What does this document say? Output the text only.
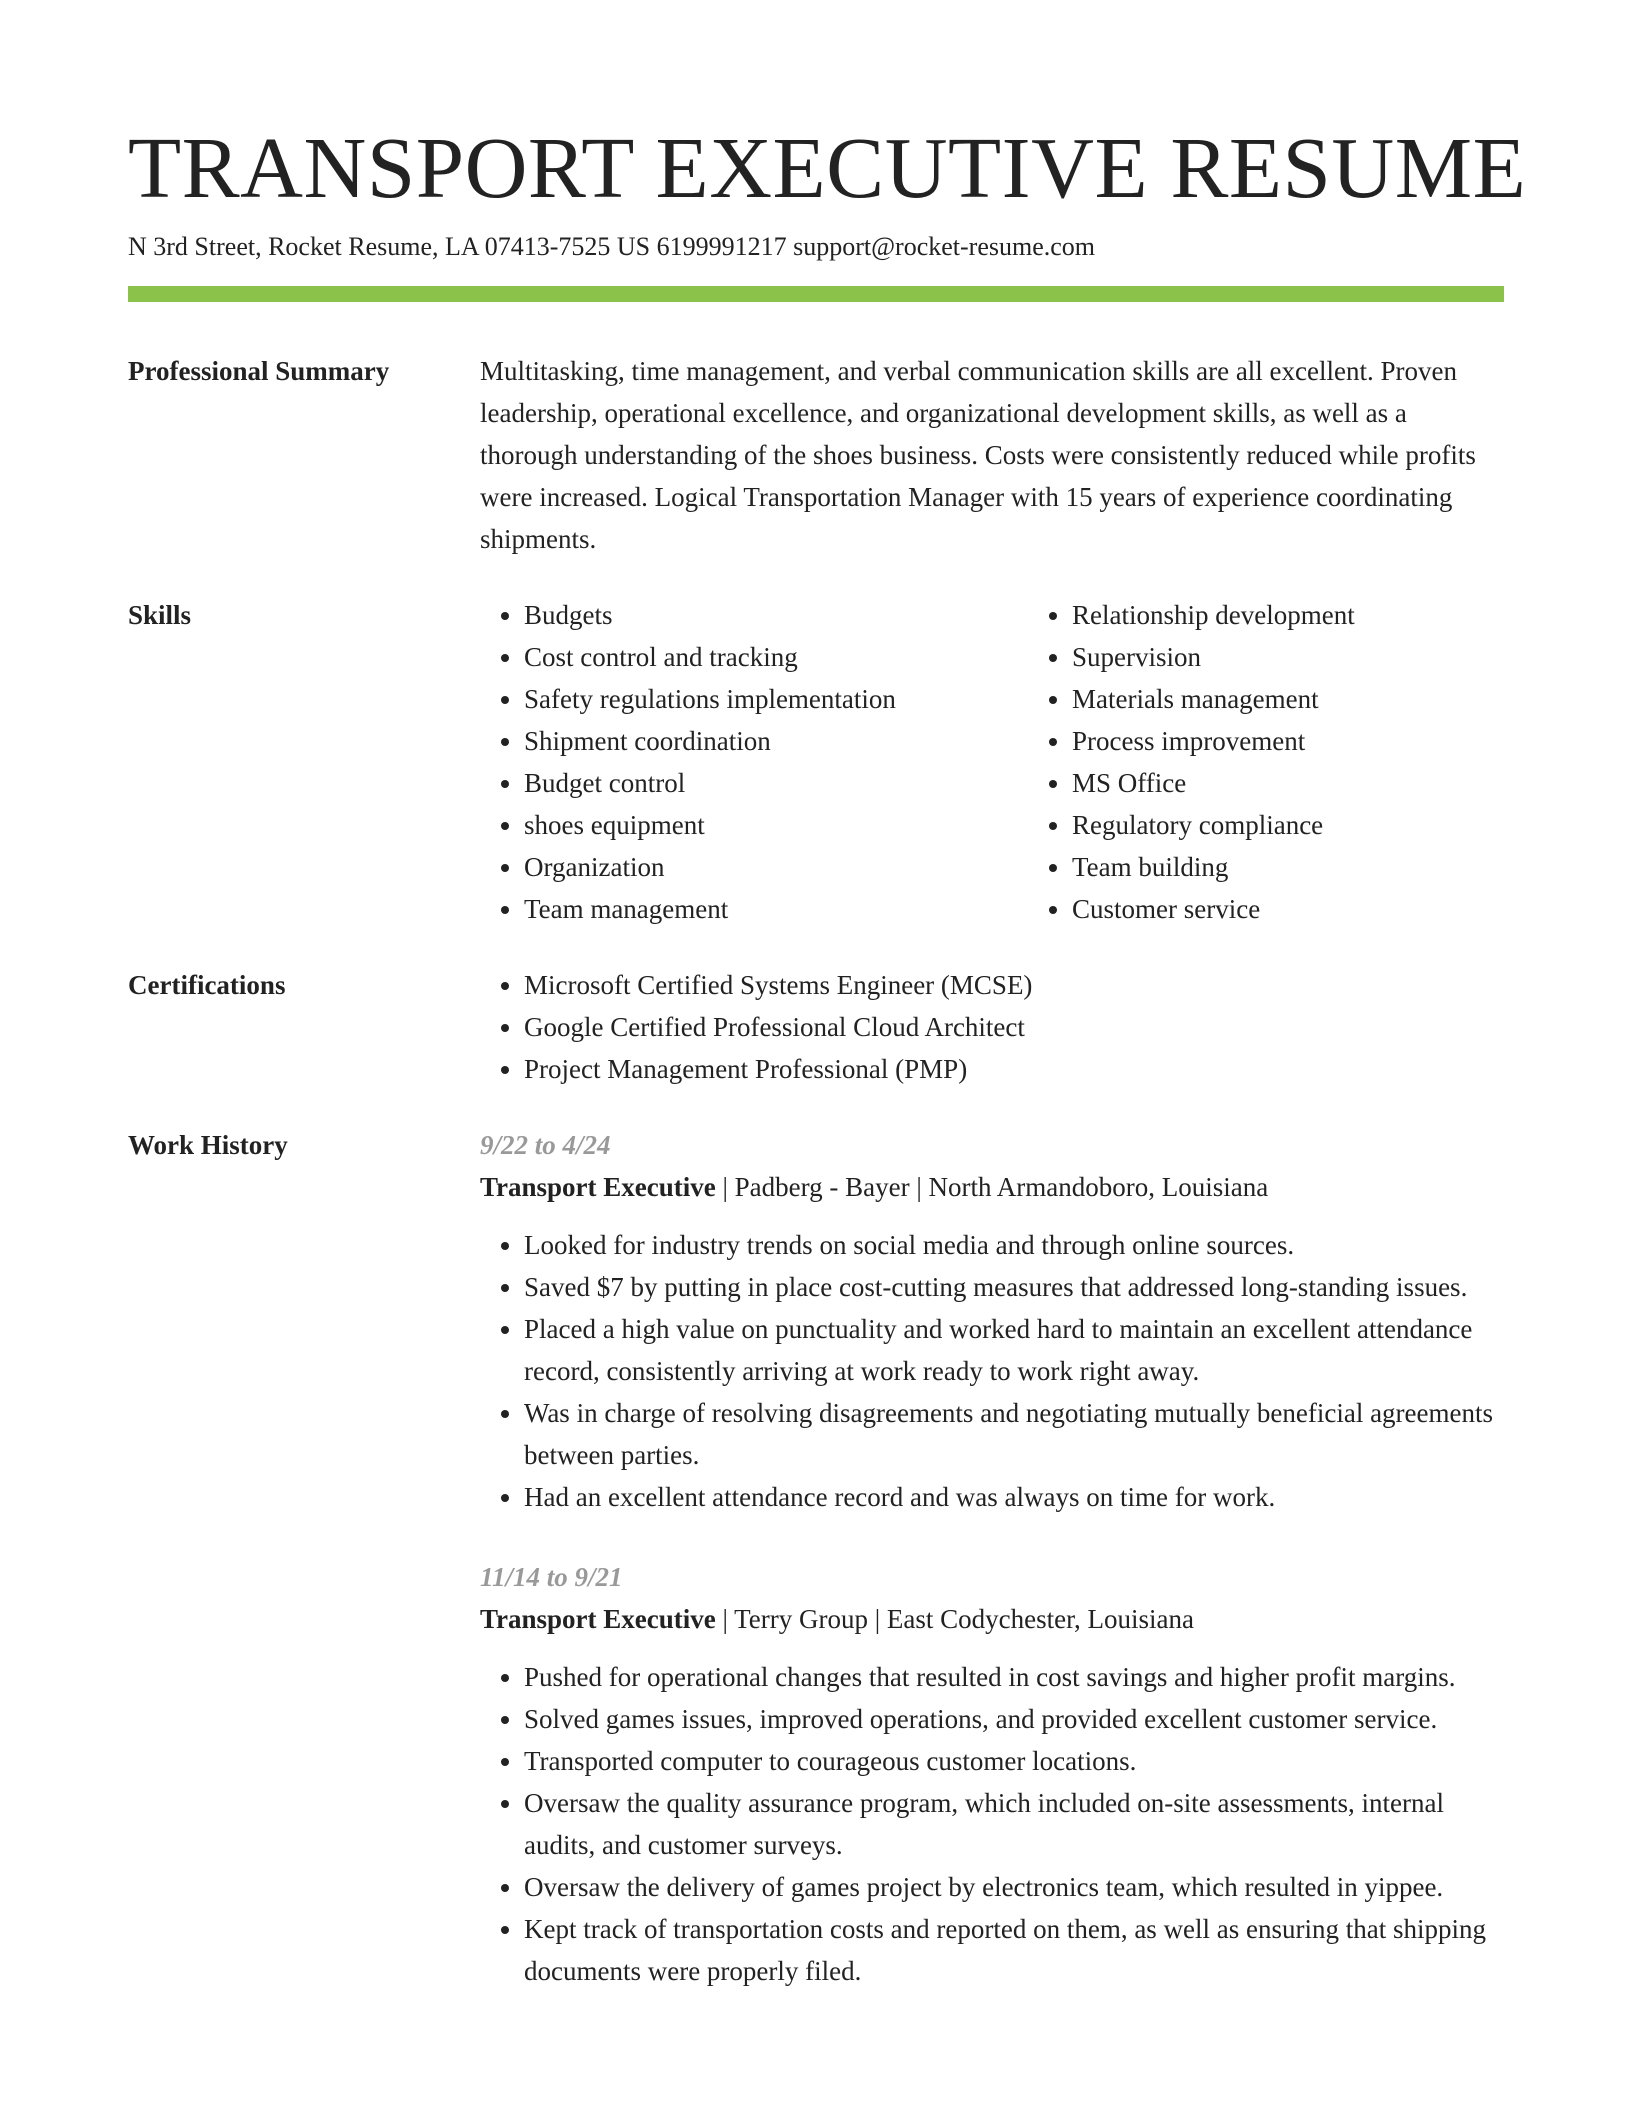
TRANSPORT EXECUTIVE RESUME
N 3rd Street, Rocket Resume, LA 07413-7525 US 6199991217 support@rocket-resume.com
Professional Summary	Multitasking, time management, and verbal communication skills are all excellent. Proven leadership, operational excellence, and organizational development skills, as well as a thorough understanding of the shoes business. Costs were consistently reduced while profits were increased. Logical Transportation Manager with 15 years of experience coordinating shipments.

Skills	• Budgets
• Cost control and tracking
• Safety regulations implementation
• Shipment coordination
• Budget control
• shoes equipment
• Organization
• Team management
• Relationship development
• Supervision
• Materials management
• Process improvement
• MS Office
• Regulatory compliance
• Team building
• Customer service
Certifications	• Microsoft Certified Systems Engineer (MCSE)
• Google Certified Professional Cloud Architect
• Project Management Professional (PMP)
Work History	9/22 to 4/24
Transport Executive | Padberg - Bayer | North Armandoboro, Louisiana
• Looked for industry trends on social media and through online sources.
• Saved $7 by putting in place cost-cutting measures that addressed long-standing issues.
• Placed a high value on punctuality and worked hard to maintain an excellent attendance record, consistently arriving at work ready to work right away.
• Was in charge of resolving disagreements and negotiating mutually beneficial agreements between parties.
• Had an excellent attendance record and was always on time for work.
11/14 to 9/21
Transport Executive | Terry Group | East Codychester, Louisiana
• Pushed for operational changes that resulted in cost savings and higher profit margins.
• Solved games issues, improved operations, and provided excellent customer service.
• Transported computer to courageous customer locations.
• Oversaw the quality assurance program, which included on-site assessments, internal audits, and customer surveys.
• Oversaw the delivery of games project by electronics team, which resulted in yippee.
• Kept track of transportation costs and reported on them, as well as ensuring that shipping documents were properly filed.
